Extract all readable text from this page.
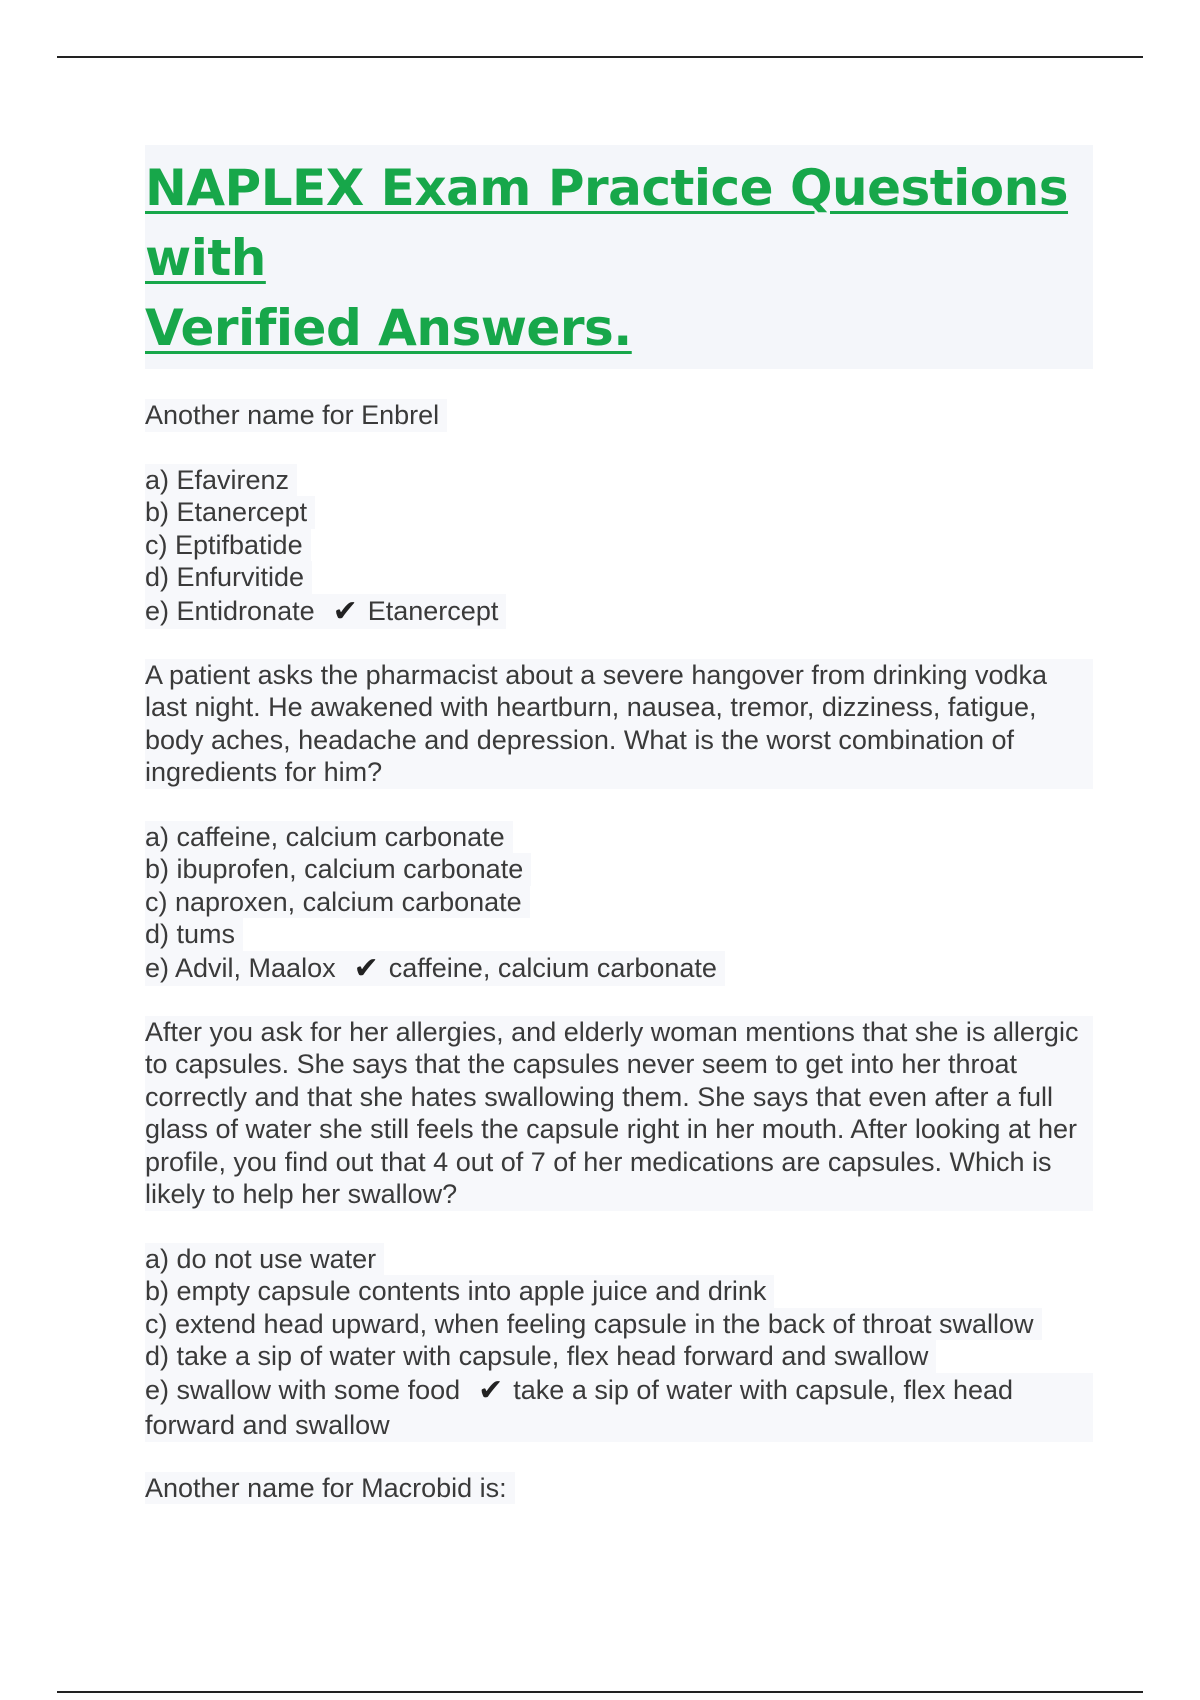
NAPLEX Exam Practice Questions with
Verified Answers.
Another name for Enbrel
a) Efavirenz
b) Etanercept
c) Eptifbatide
d) Enfurvitide
e) Entidronate ✔ Etanercept
A patient asks the pharmacist about a severe hangover from drinking vodka last night. He awakened with heartburn, nausea, tremor, dizziness, fatigue, body aches, headache and depression. What is the worst combination of ingredients for him?
a) caffeine, calcium carbonate
b) ibuprofen, calcium carbonate
c) naproxen, calcium carbonate
d) tums
e) Advil, Maalox ✔ caffeine, calcium carbonate
After you ask for her allergies, and elderly woman mentions that she is allergic to capsules. She says that the capsules never seem to get into her throat correctly and that she hates swallowing them. She says that even after a full glass of water she still feels the capsule right in her mouth. After looking at her profile, you find out that 4 out of 7 of her medications are capsules. Which is likely to help her swallow?
a) do not use water
b) empty capsule contents into apple juice and drink
c) extend head upward, when feeling capsule in the back of throat swallow
d) take a sip of water with capsule, flex head forward and swallow
e) swallow with some food ✔ take a sip of water with capsule, flex head forward and swallow
Another name for Macrobid is:
